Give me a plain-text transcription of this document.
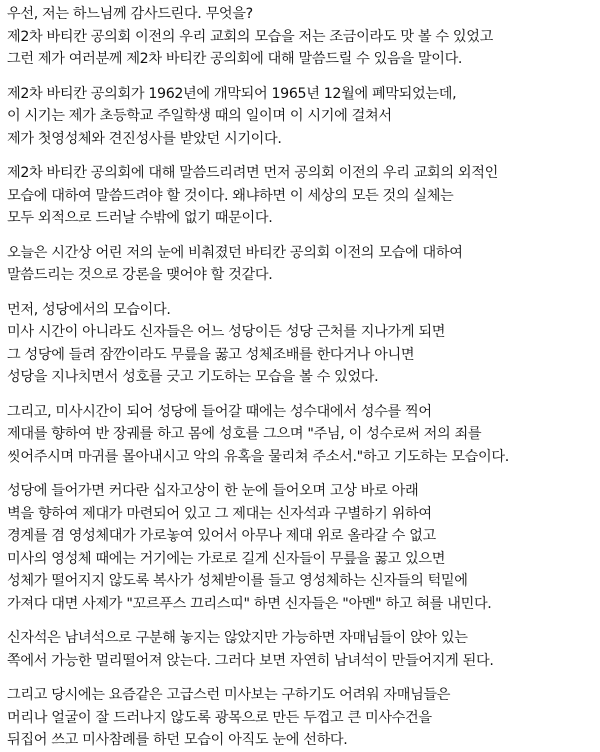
우선, 저는 하느님께 감사드린다. 무엇을?
제2차 바티칸 공의회 이전의 우리 교회의 모습을 저는 조금이라도 맛 볼 수 있었고
그런 제가 여러분께 제2차 바티칸 공의회에 대해 말씀드릴 수 있음을 말이다.
제2차 바티칸 공의회가 1962년에 개막되어 1965년 12월에 폐막되었는데,
이 시기는 제가 초등학교 주일학생 때의 일이며 이 시기에 걸쳐서
제가 첫영성체와 견진성사를 받았던 시기이다.
제2차 바티칸 공의회에 대해 말씀드리려면 먼저 공의회 이전의 우리 교회의 외적인
모습에 대하여 말씀드려야 할 것이다. 왜냐하면 이 세상의 모든 것의 실체는
모두 외적으로 드러날 수밖에 없기 때문이다.
오늘은 시간상 어린 저의 눈에 비춰졌던 바티칸 공의회 이전의 모습에 대하여
말씀드리는 것으로 강론을 맺어야 할 것같다.
먼저, 성당에서의 모습이다.
미사 시간이 아니라도 신자들은 어느 성당이든 성당 근처를 지나가게 되면
그 성당에 들려 잠깐이라도 무릎을 꿇고 성체조배를 한다거나 아니면
성당을 지나치면서 성호를 긋고 기도하는 모습을 볼 수 있었다.
그리고, 미사시간이 되어 성당에 들어갈 때에는 성수대에서 성수를 찍어
제대를 향하여 반 장궤를 하고 몸에 성호를 그으며 "주님, 이 성수로써 저의 죄를
씻어주시며 마귀를 몰아내시고 악의 유혹을 물리쳐 주소서."하고 기도하는 모습이다.
성당에 들어가면 커다란 십자고상이 한 눈에 들어오며 고상 바로 아래
벽을 향하여 제대가 마련되어 있고 그 제대는 신자석과 구별하기 위하여
경계를 겸 영성체대가 가로놓여 있어서 아무나 제대 위로 올라갈 수 없고
미사의 영성체 때에는 거기에는 가로로 길게 신자들이 무릎을 꿇고 있으면
성체가 떨어지지 않도록 복사가 성체받이를 들고 영성체하는 신자들의 턱밑에
가져다 대면 사제가 "꼬르푸스 끄리스띠" 하면 신자들은 "아멘" 하고 혀를 내민다.
신자석은 남녀석으로 구분해 놓지는 않았지만 가능하면 자매님들이 앉아 있는
쪽에서 가능한 멀리떨어져 앉는다. 그러다 보면 자연히 남녀석이 만들어지게 된다.
그리고 당시에는 요즘같은 고급스런 미사보는 구하기도 어려워 자매님들은
머리나 얼굴이 잘 드러나지 않도록 광목으로 만든 두껍고 큰 미사수건을
뒤집어 쓰고 미사참례를 하던 모습이 아직도 눈에 선하다.
